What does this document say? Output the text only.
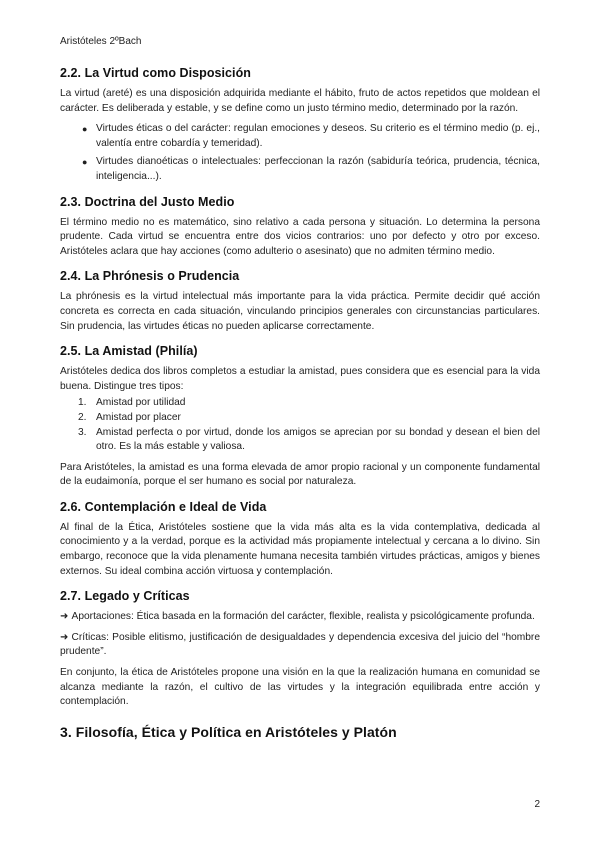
Aristóteles 2ºBach
2.2. La Virtud como Disposición

La virtud (areté) es una disposición adquirida mediante el hábito, fruto de actos repetidos que moldean el carácter. Es deliberada y estable, y se define como un justo término medio, determinado por la razón.

● Virtudes éticas o del carácter: regulan emociones y deseos. Su criterio es el término medio (p. ej., valentía entre cobardía y temeridad).
● Virtudes dianoéticas o intelectuales: perfeccionan la razón (sabiduría teórica, prudencia, técnica, inteligencia...).
2.3. Doctrina del Justo Medio

El término medio no es matemático, sino relativo a cada persona y situación. Lo determina la persona prudente. Cada virtud se encuentra entre dos vicios contrarios: uno por defecto y otro por exceso. Aristóteles aclara que hay acciones (como adulterio o asesinato) que no admiten término medio.

2.4. La Phrónesis o Prudencia

La phrónesis es la virtud intelectual más importante para la vida práctica. Permite decidir qué acción concreta es correcta en cada situación, vinculando principios generales con circunstancias particulares. Sin prudencia, las virtudes éticas no pueden aplicarse correctamente.

2.5. La Amistad (Philía)

Aristóteles dedica dos libros completos a estudiar la amistad, pues considera que es esencial para la vida buena. Distingue tres tipos:

1. Amistad por utilidad
2. Amistad por placer
3. Amistad perfecta o por virtud, donde los amigos se aprecian por su bondad y desean el bien del otro. Es la más estable y valiosa.

Para Aristóteles, la amistad es una forma elevada de amor propio racional y un componente fundamental de la eudaimonía, porque el ser humano es social por naturaleza.

2.6. Contemplación e Ideal de Vida

Al final de la Ética, Aristóteles sostiene que la vida más alta es la vida contemplativa, dedicada al conocimiento y a la verdad, porque es la actividad más propiamente intelectual y cercana a lo divino. Sin embargo, reconoce que la vida plenamente humana necesita también virtudes prácticas, amigos y bienes externos. Su ideal combina acción virtuosa y contemplación.

2.7. Legado y Críticas

➜ Aportaciones: Ética basada en la formación del carácter, flexible, realista y psicológicamente profunda.

➜ Críticas: Posible elitismo, justificación de desigualdades y dependencia excesiva del juicio del “hombre prudente”.

En conjunto, la ética de Aristóteles propone una visión en la que la realización humana en comunidad se alcanza mediante la razón, el cultivo de las virtudes y la integración equilibrada entre acción y contemplación.

3. Filosofía, Ética y Política en Aristóteles y Platón
2
